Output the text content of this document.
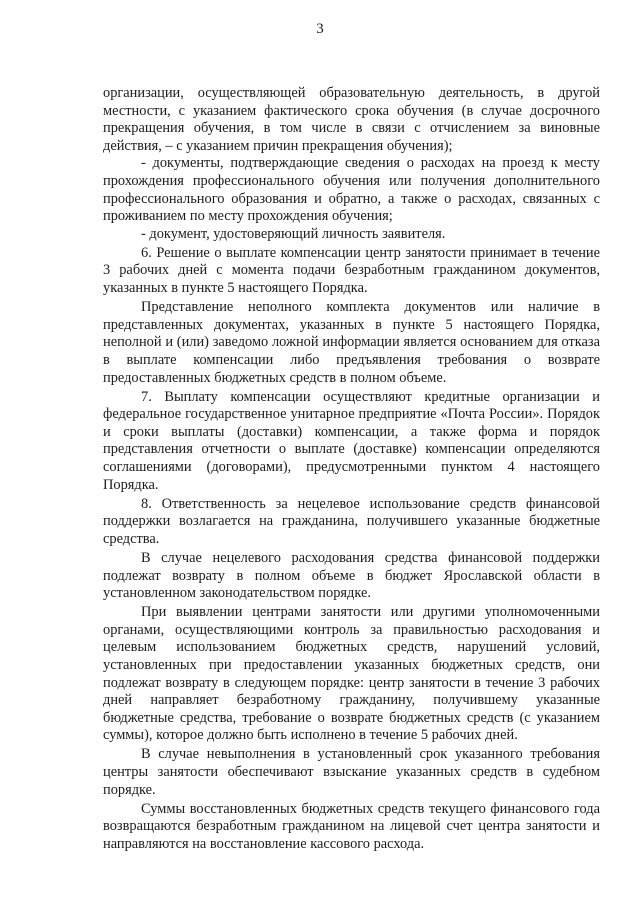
3

организации, осуществляющей образовательную деятельность, в другой местности, с указанием фактического срока обучения (в случае досрочного прекращения обучения, в том числе в связи с отчислением за виновные действия, – с указанием причин прекращения обучения);

- документы, подтверждающие сведения о расходах на проезд к месту прохождения профессионального обучения или получения дополнительного профессионального образования и обратно, а также о расходах, связанных с проживанием по месту прохождения обучения;

- документ, удостоверяющий личность заявителя.

6. Решение о выплате компенсации центр занятости принимает в течение 3 рабочих дней с момента подачи безработным гражданином документов, указанных в пункте 5 настоящего Порядка.

Представление неполного комплекта документов или наличие в представленных документах, указанных в пункте 5 настоящего Порядка, неполной и (или) заведомо ложной информации является основанием для отказа в выплате компенсации либо предъявления требования о возврате предоставленных бюджетных средств в полном объеме.

7. Выплату компенсации осуществляют кредитные организации и федеральное государственное унитарное предприятие «Почта России». Порядок и сроки выплаты (доставки) компенсации, а также форма и порядок представления отчетности о выплате (доставке) компенсации определяются соглашениями (договорами), предусмотренными пунктом 4 настоящего Порядка.

8. Ответственность за нецелевое использование средств финансовой поддержки возлагается на гражданина, получившего указанные бюджетные средства.

В случае нецелевого расходования средства финансовой поддержки подлежат возврату в полном объеме в бюджет Ярославской области в установленном законодательством порядке.

При выявлении центрами занятости или другими уполномоченными органами, осуществляющими контроль за правильностью расходования и целевым использованием бюджетных средств, нарушений условий, установленных при предоставлении указанных бюджетных средств, они подлежат возврату в следующем порядке: центр занятости в течение 3 рабочих дней направляет безработному гражданину, получившему указанные бюджетные средства, требование о возврате бюджетных средств (с указанием суммы), которое должно быть исполнено в течение 5 рабочих дней.

В случае невыполнения в установленный срок указанного требования центры занятости обеспечивают взыскание указанных средств в судебном порядке.

Суммы восстановленных бюджетных средств текущего финансового года возвращаются безработным гражданином на лицевой счет центра занятости и направляются на восстановление кассового расхода.
